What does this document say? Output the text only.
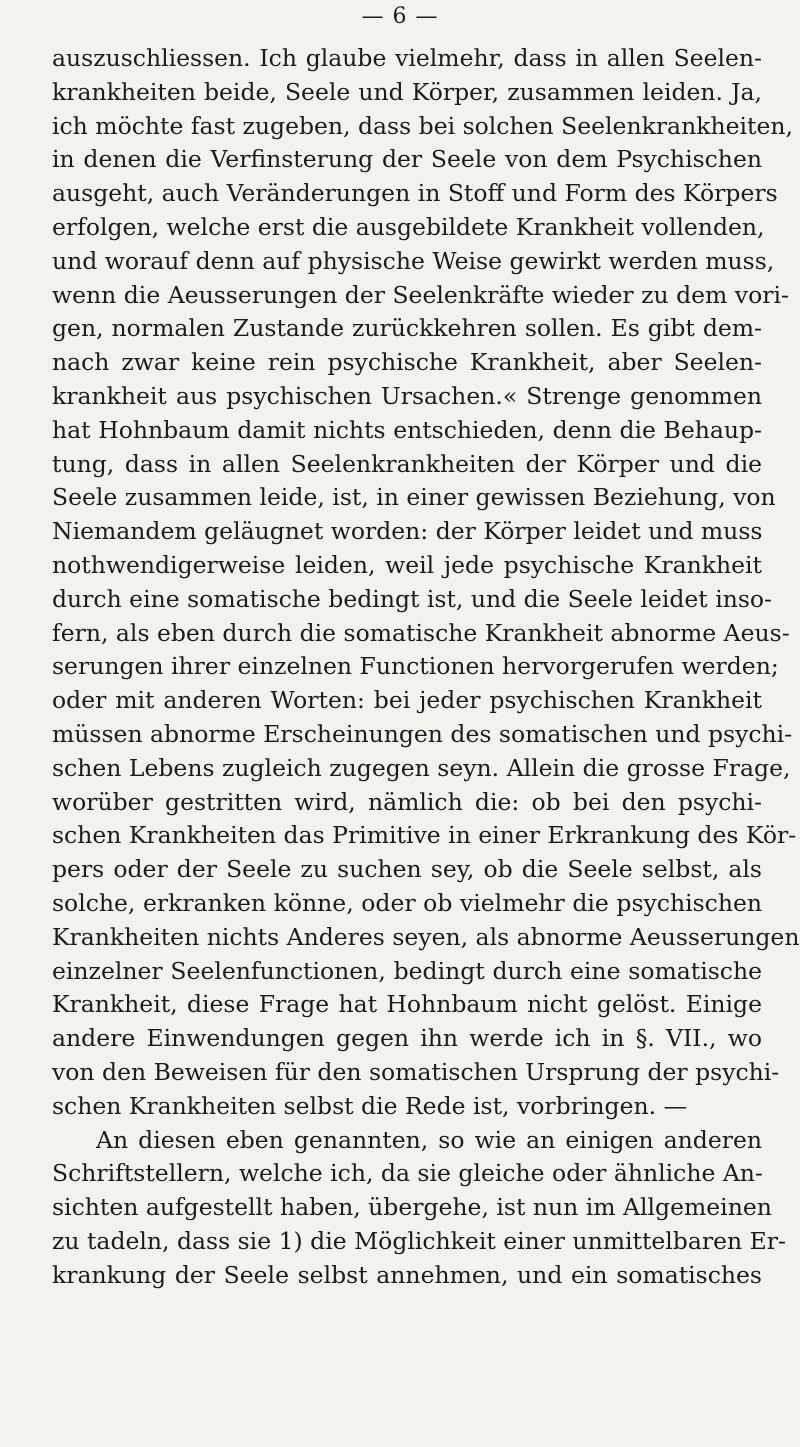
— 6 —
auszuschliessen. Ich glaube vielmehr, dass in allen Seelen-
krankheiten beide, Seele und Körper, zusammen leiden. Ja,
ich möchte fast zugeben, dass bei solchen Seelenkrankheiten,
in denen die Verfinsterung der Seele von dem Psychischen
ausgeht, auch Veränderungen in Stoff und Form des Körpers
erfolgen, welche erst die ausgebildete Krankheit vollenden,
und worauf denn auf physische Weise gewirkt werden muss,
wenn die Aeusserungen der Seelenkräfte wieder zu dem vori-
gen, normalen Zustande zurückkehren sollen. Es gibt dem-
nach zwar keine rein psychische Krankheit, aber Seelen-
krankheit aus psychischen Ursachen.« Strenge genommen
hat Hohnbaum damit nichts entschieden, denn die Behaup-
tung, dass in allen Seelenkrankheiten der Körper und die
Seele zusammen leide, ist, in einer gewissen Beziehung, von
Niemandem geläugnet worden: der Körper leidet und muss
nothwendigerweise leiden, weil jede psychische Krankheit
durch eine somatische bedingt ist, und die Seele leidet inso-
fern, als eben durch die somatische Krankheit abnorme Aeus-
serungen ihrer einzelnen Functionen hervorgerufen werden;
oder mit anderen Worten: bei jeder psychischen Krankheit
müssen abnorme Erscheinungen des somatischen und psychi-
schen Lebens zugleich zugegen seyn. Allein die grosse Frage,
worüber gestritten wird, nämlich die: ob bei den psychi-
schen Krankheiten das Primitive in einer Erkrankung des Kör-
pers oder der Seele zu suchen sey, ob die Seele selbst, als
solche, erkranken könne, oder ob vielmehr die psychischen
Krankheiten nichts Anderes seyen, als abnorme Aeusserungen
einzelner Seelenfunctionen, bedingt durch eine somatische
Krankheit, diese Frage hat Hohnbaum nicht gelöst. Einige
andere Einwendungen gegen ihn werde ich in §. VII., wo
von den Beweisen für den somatischen Ursprung der psychi-
schen Krankheiten selbst die Rede ist, vorbringen. —
An diesen eben genannten, so wie an einigen anderen
Schriftstellern, welche ich, da sie gleiche oder ähnliche An-
sichten aufgestellt haben, übergehe, ist nun im Allgemeinen
zu tadeln, dass sie 1) die Möglichkeit einer unmittelbaren Er-
krankung der Seele selbst annehmen, und ein somatisches
